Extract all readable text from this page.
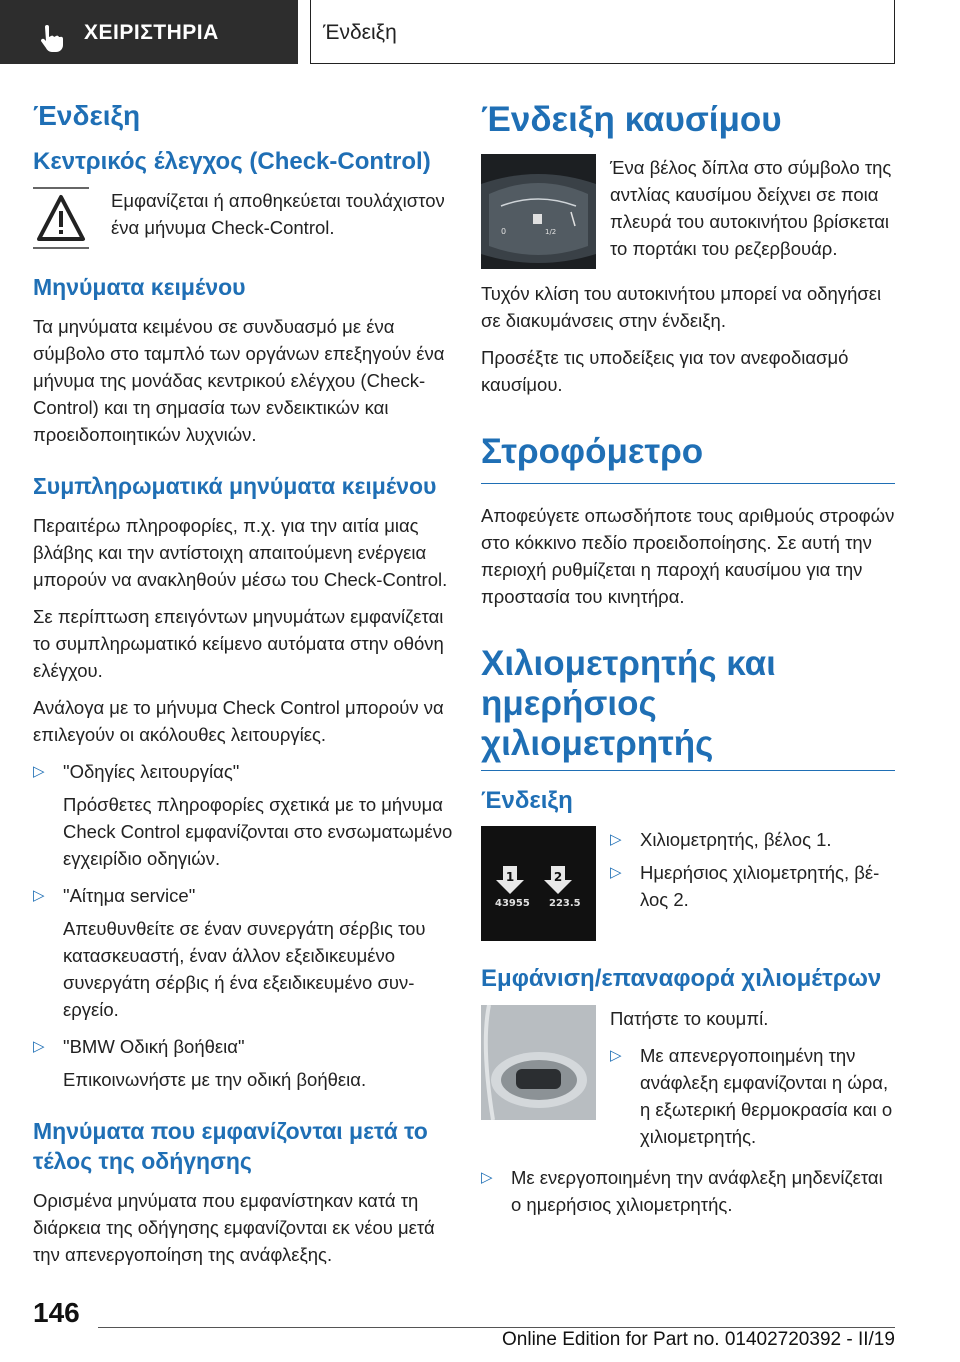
ΧΕΙΡΙΣΤΗΡΙΑ	Ένδειξη
Ένδειξη
Κεντρικός έλεγχος (Check-Control)

Εμφανίζεται ή αποθηκεύεται τουλάχιστον ένα μήνυμα Check-Control.

Μηνύματα κειμένου

Τα μηνύματα κειμένου σε συνδυασμό με ένα σύμβολο στο ταμπλό των οργάνων επεξηγούν ένα μήνυμα της μονάδας κεντρικού ελέγχου (Check-Control) και τη σημασία των ενδεικτικών και προειδοποιητικών λυχνιών.

Συμπληρωματικά μηνύματα κειμένου

Περαιτέρω πληροφορίες, π.χ. για την αιτία μιας βλάβης και την αντίστοιχη απαιτούμενη ενέργεια μπορούν να ανακληθούν μέσω του Check-Control.

Σε περίπτωση επειγόντων μηνυμάτων εμφανίζεται το συμπληρωματικό κείμενο αυτόματα στην οθόνη ελέγχου.

Ανάλογα με το μήνυμα Check Control μπορούν να επιλεγούν οι ακόλουθες λειτουργίες.

▷ "Οδηγίες λειτουργίας"

Πρόσθετες πληροφορίες σχετικά με το μήνυμα Check Control εμφανίζονται στο ενσωματωμένο εγχειρίδιο οδηγιών.

▷ "Αίτημα service"

Απευθυνθείτε σε έναν συνεργάτη σέρβις του κατασκευαστή, έναν άλλον εξειδικευμένο συνεργάτη σέρβις ή ένα εξειδικευμένο συνεργείο.

▷ "BMW Οδική βοήθεια"

Επικοινωνήστε με την οδική βοήθεια.

Μηνύματα που εμφανίζονται μετά το τέλος της οδήγησης

Ορισμένα μηνύματα που εμφανίστηκαν κατά τη διάρκεια της οδήγησης εμφανίζονται εκ νέου μετά την απενεργοποίηση της ανάφλεξης.

Ένδειξη καυσίμου
0	1/2

Ένα βέλος δίπλα στο σύμβολο της αντλίας καυσίμου δείχνει σε ποια πλευρά του αυτοκινήτου βρίσκεται το πορτάκι του ρεζερβουάρ.

Τυχόν κλίση του αυτοκινήτου μπορεί να οδηγήσει σε διακυμάνσεις στην ένδειξη.

Προσέξτε τις υποδείξεις για τον ανεφοδιασμό καυσίμου.

Στροφόμετρο

Αποφεύγετε οπωσδήποτε τους αριθμούς στροφών στο κόκκινο πεδίο προειδοποίησης. Σε αυτή την περιοχή ρυθμίζεται η παροχή καυσίμου για την προστασία του κινητήρα.

Χιλιομετρητής και ημερήσιος χιλιομετρητής
Ένδειξη
1	2
43955 223.5
▷ Χιλιομετρητής, βέλος 1.

▷ Ημερήσιος χιλιομετρητής, βέλος 2.

Εμφάνιση/επαναφορά χιλιομέτρων

Πατήστε το κουμπί.

▷ Με απενεργοποιημένη την ανάφλεξη εμφανίζονται η ώρα, η εξωτερική θερμοκρασία και ο χιλιομετρητής.

▷ Με ενεργοποιημένη την ανάφλεξη μηδενίζεται ο ημερήσιος χιλιομετρητής.

146
Online Edition for Part no. 01402720392 - II/19
